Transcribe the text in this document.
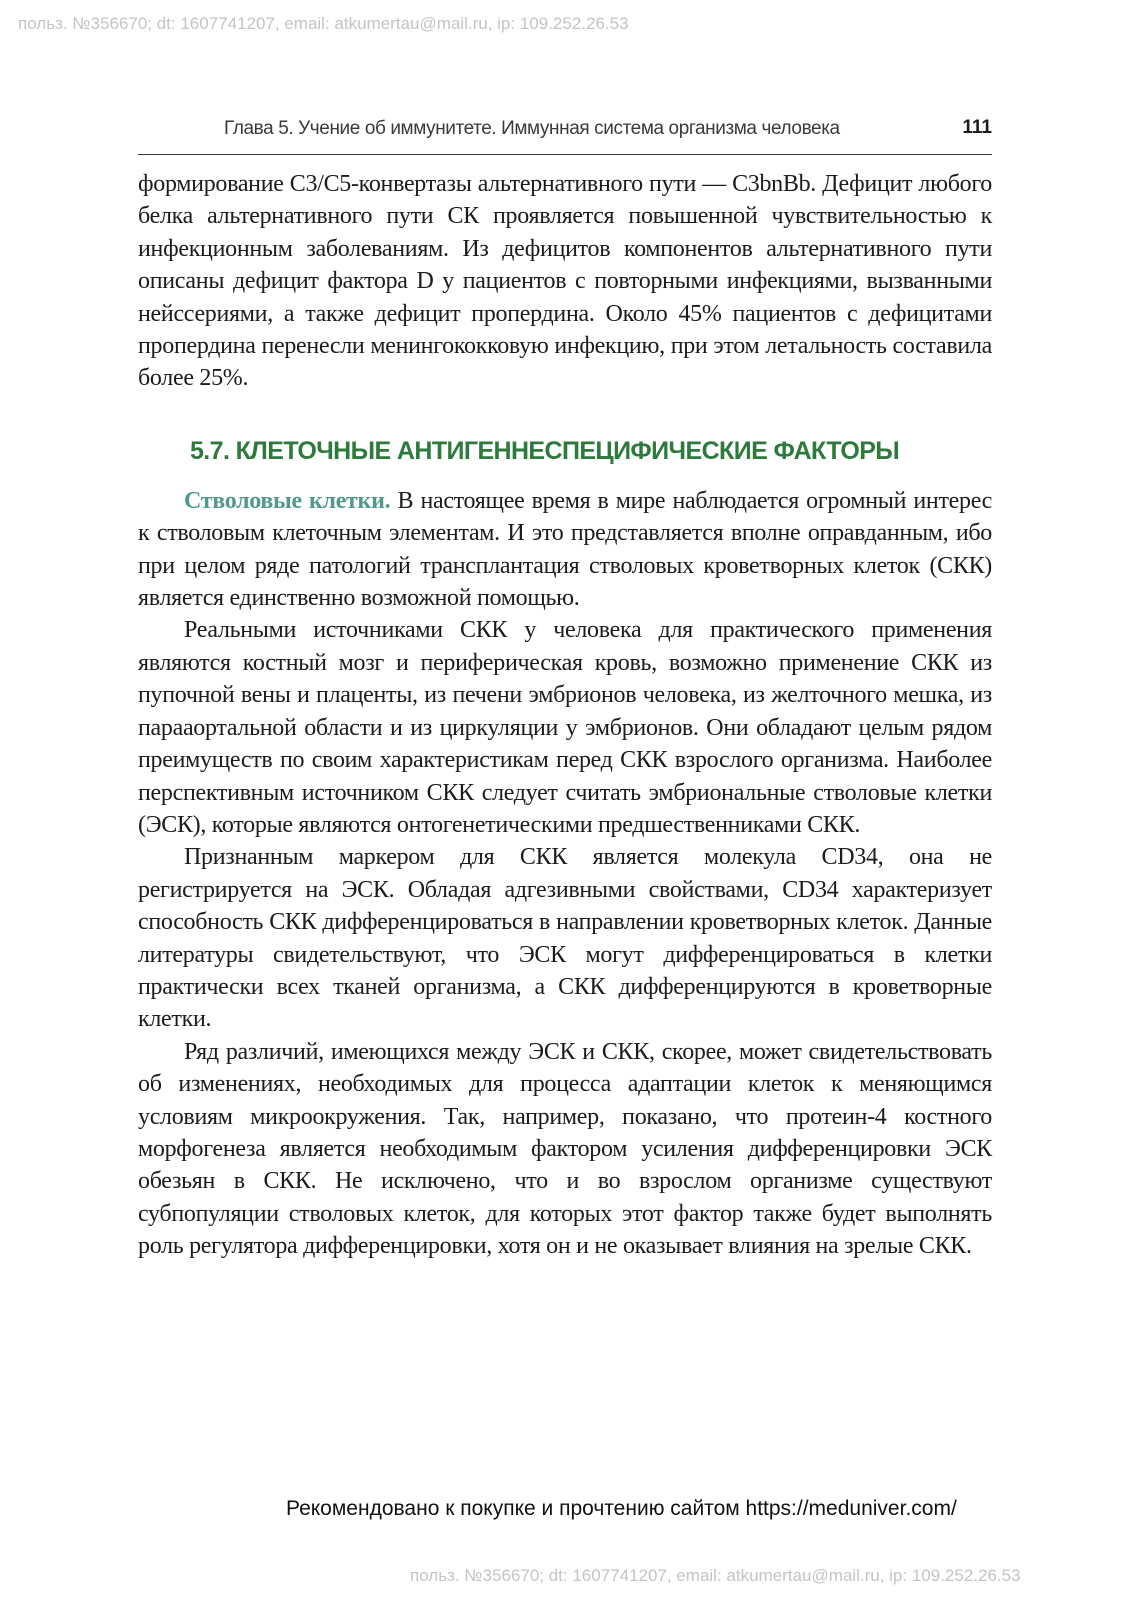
польз. №356670; dt: 1607741207, email: atkumertau@mail.ru, ip: 109.252.26.53
Глава 5. Учение об иммунитете. Иммунная система организма человека	111

формирование C3/C5-конвертазы альтернативного пути — C3bnBb. Дефицит любого белка альтернативного пути СК проявляется повышенной чувствительностью к инфекционным заболеваниям. Из дефицитов компонентов альтернативного пути описаны дефицит фактора D у пациентов с повторными инфекциями, вызванными нейссериями, а также дефицит пропердина. Около 45% пациентов с дефицитами пропердина перенесли менингококковую инфекцию, при этом летальность составила более 25%.

5.7. КЛЕТОЧНЫЕ АНТИГЕННЕСПЕЦИФИЧЕСКИЕ ФАКТОРЫ

Стволовые клетки. В настоящее время в мире наблюдается огромный интерес к стволовым клеточным элементам. И это представляется вполне оправданным, ибо при целом ряде патологий трансплантация стволовых кроветворных клеток (СКК) является единственно возможной помощью.

Реальными источниками СКК у человека для практического применения являются костный мозг и периферическая кровь, возможно применение СКК из пупочной вены и плаценты, из печени эмбрионов человека, из желточного мешка, из парааортальной области и из циркуляции у эмбрионов. Они обладают целым рядом преимуществ по своим характеристикам перед СКК взрослого организма. Наиболее перспективным источником СКК следует считать эмбриональные стволовые клетки (ЭСК), которые являются онтогенетическими предшественниками СКК.

Признанным маркером для СКК является молекула CD34, она не регистрируется на ЭСК. Обладая адгезивными свойствами, CD34 характеризует способность СКК дифференцироваться в направлении кроветворных клеток. Данные литературы свидетельствуют, что ЭСК могут дифференцироваться в клетки практически всех тканей организма, а СКК дифференцируются в кроветворные клетки.

Ряд различий, имеющихся между ЭСК и СКК, скорее, может свидетельствовать об изменениях, необходимых для процесса адаптации клеток к меняющимся условиям микроокружения. Так, например, показано, что протеин-4 костного морфогенеза является необходимым фактором усиления дифференцировки ЭСК обезьян в СКК. Не исключено, что и во взрослом организме существуют субпопуляции стволовых клеток, для которых этот фактор также будет выполнять роль регулятора дифференцировки, хотя он и не оказывает влияния на зрелые СКК.

Рекомендовано к покупке и прочтению сайтом https://meduniver.com/
польз. №356670; dt: 1607741207, email: atkumertau@mail.ru, ip: 109.252.26.53
